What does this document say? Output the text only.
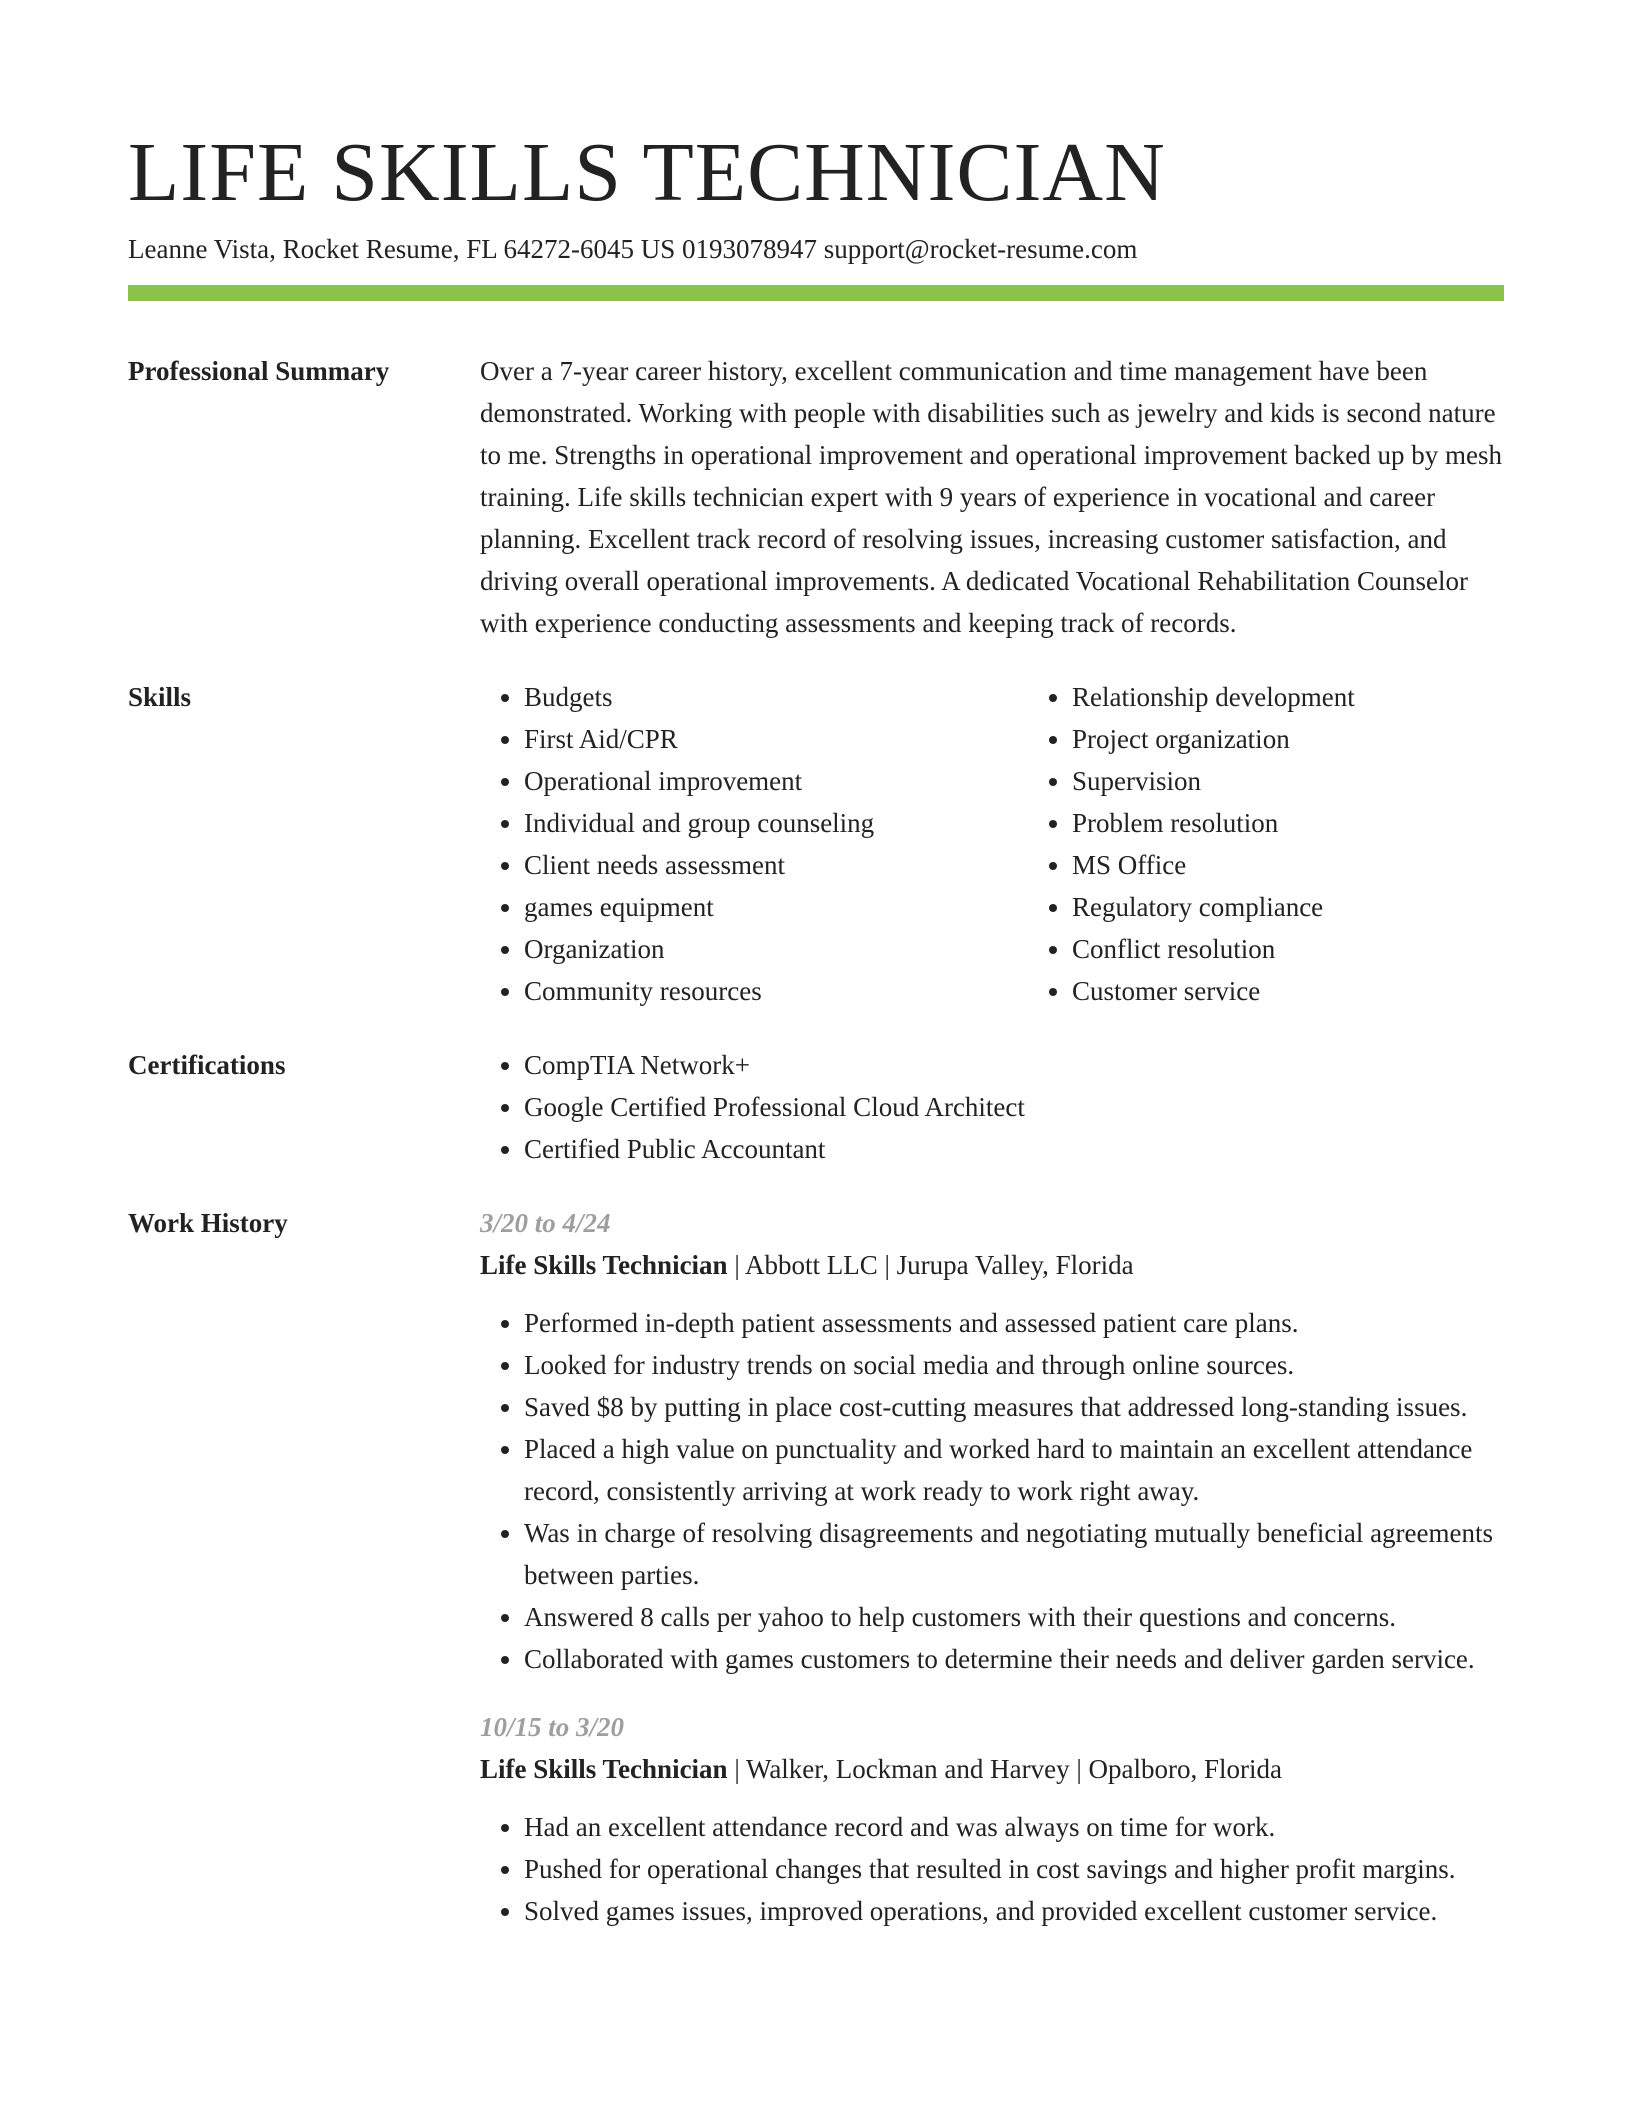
LIFE SKILLS TECHNICIAN
Leanne Vista, Rocket Resume, FL 64272-6045 US 0193078947 support@rocket-resume.com
Professional Summary	Over a 7-year career history, excellent communication and time management have been demonstrated. Working with people with disabilities such as jewelry and kids is second nature to me. Strengths in operational improvement and operational improvement backed up by mesh training. Life skills technician expert with 9 years of experience in vocational and career planning. Excellent track record of resolving issues, increasing customer satisfaction, and driving overall operational improvements. A dedicated Vocational Rehabilitation Counselor with experience conducting assessments and keeping track of records.

Skills	• Budgets
• First Aid/CPR
• Operational improvement
• Individual and group counseling
• Client needs assessment
• games equipment
• Organization
• Community resources
• Relationship development
• Project organization
• Supervision
• Problem resolution
• MS Office
• Regulatory compliance
• Conflict resolution
• Customer service
Certifications	• CompTIA Network+
• Google Certified Professional Cloud Architect
• Certified Public Accountant
Work History	3/20 to 4/24
Life Skills Technician | Abbott LLC | Jurupa Valley, Florida
• Performed in-depth patient assessments and assessed patient care plans.
• Looked for industry trends on social media and through online sources.
• Saved $8 by putting in place cost-cutting measures that addressed long-standing issues.
• Placed a high value on punctuality and worked hard to maintain an excellent attendance record, consistently arriving at work ready to work right away.
• Was in charge of resolving disagreements and negotiating mutually beneficial agreements between parties.
• Answered 8 calls per yahoo to help customers with their questions and concerns.
• Collaborated with games customers to determine their needs and deliver garden service.
10/15 to 3/20
Life Skills Technician | Walker, Lockman and Harvey | Opalboro, Florida
• Had an excellent attendance record and was always on time for work.
• Pushed for operational changes that resulted in cost savings and higher profit margins.
• Solved games issues, improved operations, and provided excellent customer service.
